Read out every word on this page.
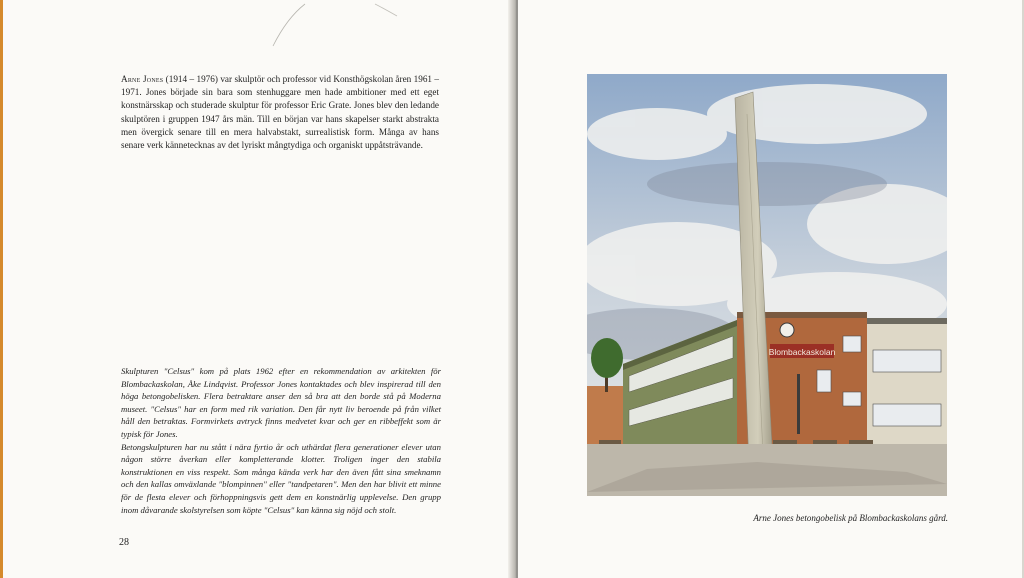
Arne Jones (1914 – 1976) var skulptör och professor vid Konsthögskolan åren 1961 – 1971. Jones började sin bara som stenhuggare men hade ambitioner med ett eget konstnärsskap och studerade skulptur för professor Eric Grate. Jones blev den ledande skulptören i gruppen 1947 års män. Till en början var hans skapelser starkt abstrakta men övergick senare till en mera halvabstakt, surrealistisk form. Många av hans senare verk kännetecknas av det lyriskt mångtydiga och organiskt uppåtsträvande.

Skulpturen "Celsus" kom på plats 1962 efter en rekommendation av arkitekten för Blombackaskolan, Åke Lindqvist. Professor Jones kontaktades och blev inspirerad till den höga betongobelisken. Flera betraktare anser den så bra att den borde stå på Moderna museet. "Celsus" har en form med rik variation. Den får nytt liv beroende på från vilket håll den betraktas. Formvirkets avtryck finns medvetet kvar och ger en ribbeffekt som är typisk för Jones.

Betongskulpturen har nu stått i nära fyrtio år och uthärdat flera generationer elever utan någon större åverkan eller kompletterande klotter. Troligen inger den stabila konstruktionen en viss respekt. Som många kända verk har den även fått sina smeknamn och den kallas omväxlande "blompinnen" eller "tandpetaren". Men den har blivit ett minne för de flesta elever och förhoppningsvis gett dem en konstnärlig upplevelse. Den grupp inom dåvarande skolstyrelsen som köpte "Celsus" kan känna sig nöjd och stolt.

28
Blombackaskolan
Arne Jones betongobelisk på Blombackaskolans gård.
